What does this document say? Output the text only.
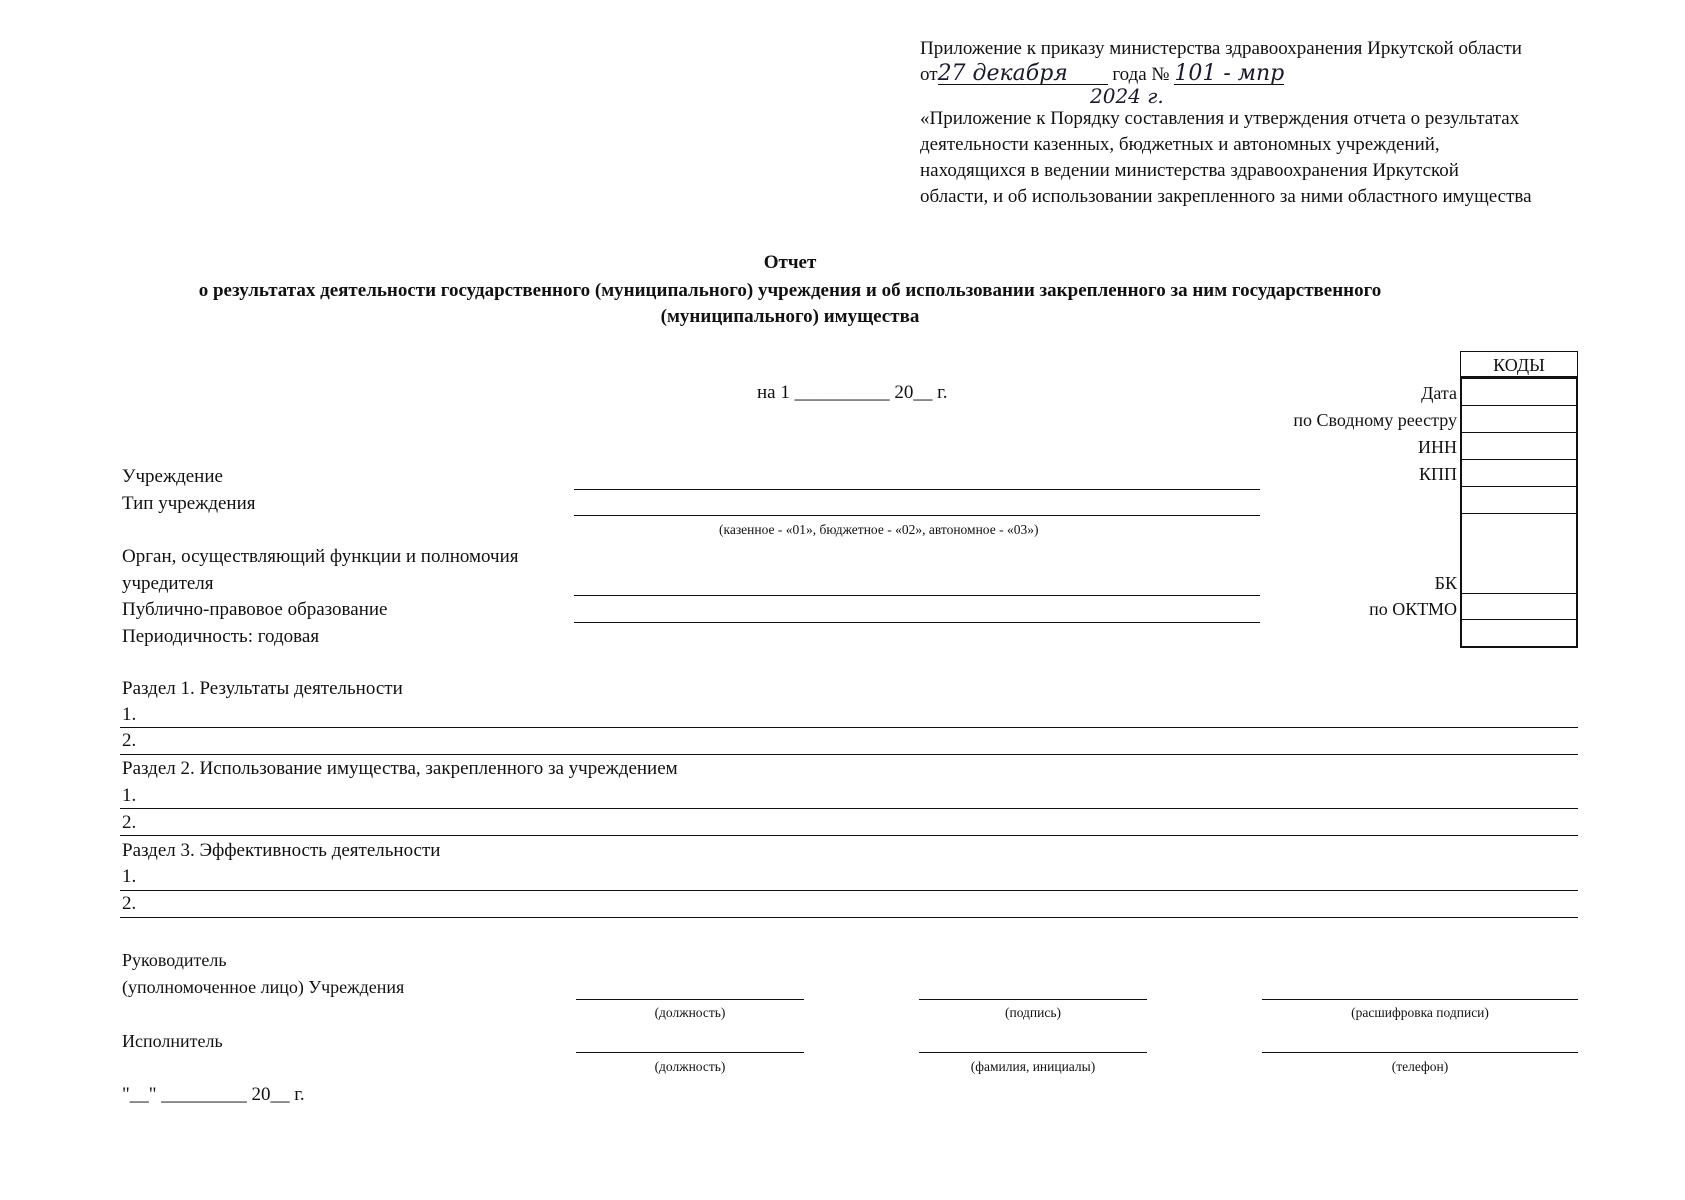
Приложение к приказу министерства здравоохранения Иркутской области
от27 декабря года № 101 - мпр
2024 г.
«Приложение к Порядку составления и утверждения отчета о результатах
деятельности казенных, бюджетных и автономных учреждений,
находящихся в ведении министерства здравоохранения Иркутской
области, и об использовании закрепленного за ними областного имущества
Отчет
о результатах деятельности государственного (муниципального) учреждения и об использовании закрепленного за ним государственного
(муниципального) имущества
на 1 __________ 20__ г.
КОДЫ
Дата
по Сводному реестру
ИНН
КПП
БК
по ОКТМО
Учреждение
Тип учреждения
(казенное - «01», бюджетное - «02», автономное - «03»)
Орган, осуществляющий функции и полномочия
учредителя
Публично-правовое образование
Периодичность: годовая
Раздел 1. Результаты деятельности
1.
2.
Раздел 2. Использование имущества, закрепленного за учреждением
1.
2.
Раздел 3. Эффективность деятельности
1.
2.
Руководитель
(уполномоченное лицо) Учреждения
(должность)	(подпись)	(расшифровка подписи)
Исполнитель
(должность)	(фамилия, инициалы)	(телефон)
"__" _________ 20__ г.
